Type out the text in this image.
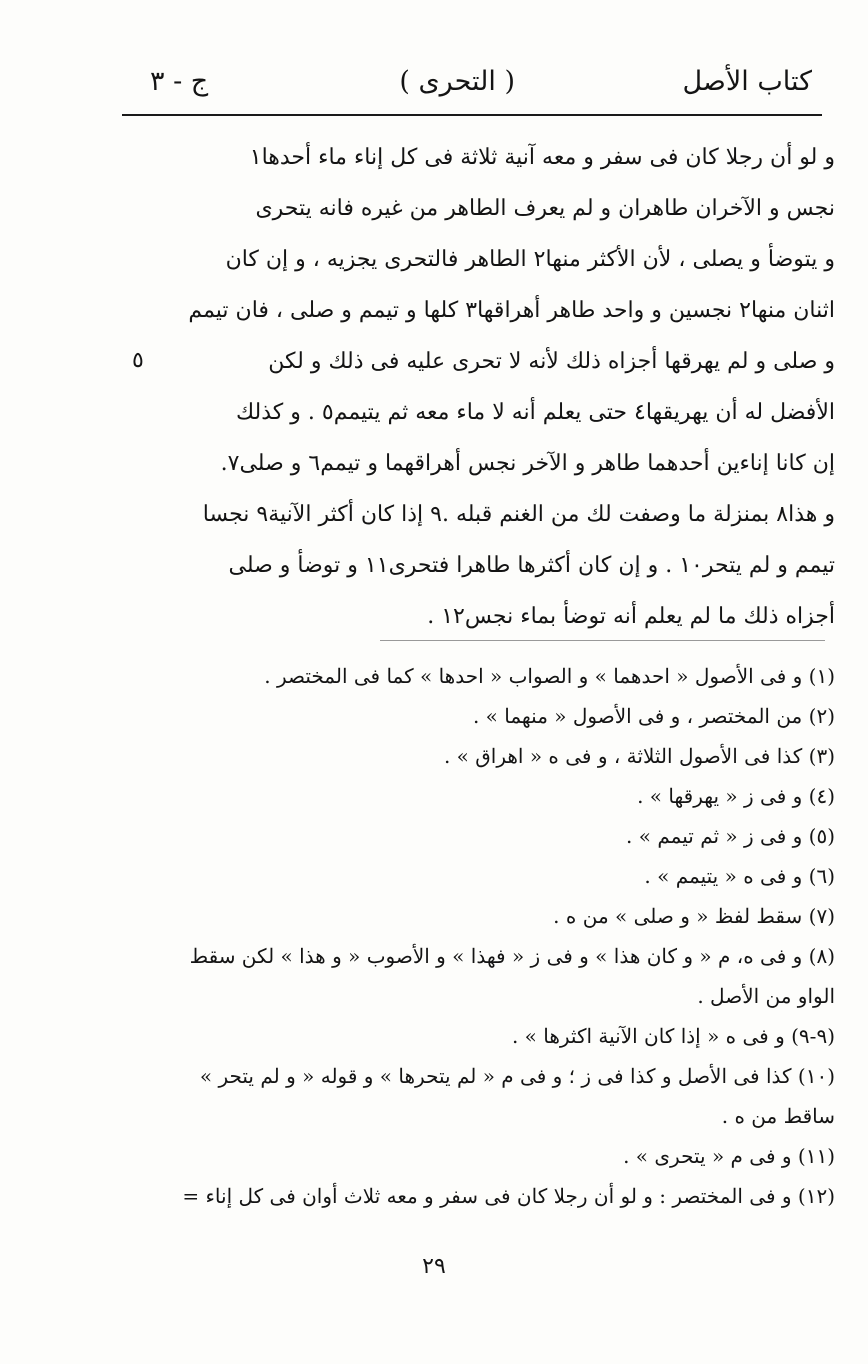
كتاب الأصل
( التحرى )
ج - ٣
و لو أن رجلا كان فى سفر و معه آنية ثلاثة فى كل إناء ماء أحدها١
نجس و الآخران طاهران و لم يعرف الطاهر من غيره فانه يتحرى
و يتوضأ و يصلى ، لأن الأكثر منها٢ الطاهر فالتحرى يجزيه ، و إن كان
اثنان منها٢ نجسين و واحد طاهر أهراقها٣ كلها و تيمم و صلى ، فان تيمم
و صلى و لم يهرقها أجزاه ذلك لأنه لا تحرى عليه فى ذلك و لكن
الأفضل له أن يهريقها٤ حتى يعلم أنه لا ماء معه ثم يتيمم٥ . و كذلك
إن كانا إناءين أحدهما طاهر و الآخر نجس أهراقهما و تيمم٦ و صلى٧.
و هذا٨ بمنزلة ما وصفت لك من الغنم قبله .٩ إذا كان أكثر الآنية٩ نجسا
تيمم و لم يتحر١٠ . و إن كان أكثرها طاهرا فتحرى١١ و توضأ و صلى
أجزاه ذلك ما لم يعلم أنه توضأ بماء نجس١٢ .
٥
(١) و فى الأصول « احدهما » و الصواب « احدها » كما فى المختصر .
(٢) من المختصر ، و فى الأصول « منهما » .
(٣) كذا فى الأصول الثلاثة ، و فى ه « اهراق » .
(٤) و فى ز « يهرقها » .
(٥) و فى ز « ثم تيمم » .
(٦) و فى ه « يتيمم » .
(٧) سقط لفظ « و صلى » من ه .
(٨) و فى ه، م « و كان هذا » و فى ز « فهذا » و الأصوب « و هذا » لكن سقط الواو من الأصل .
(٩-٩) و فى ه « إذا كان الآنية اكثرها » .
(١٠) كذا فى الأصل و كذا فى ز ؛ و فى م « لم يتحرها » و قوله « و لم يتحر » ساقط من ه .
(١١) و فى م « يتحرى » .
(١٢) و فى المختصر : و لو أن رجلا كان فى سفر و معه ثلاث أوان فى كل إناء =
٢٩
